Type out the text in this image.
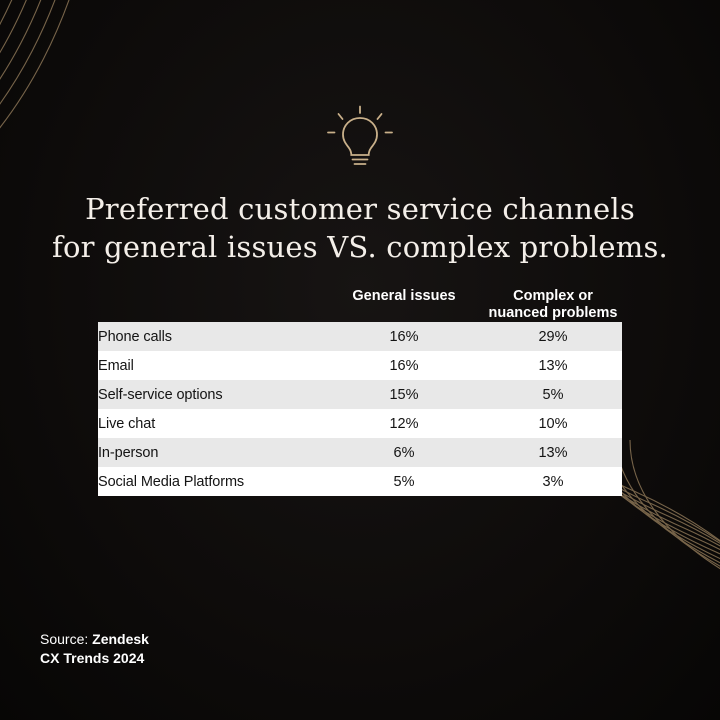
Preferred customer service channels
for general issues VS. complex problems.
	General issues	Complex or nuanced problems
Phone calls	16%	29%
Email	16%	13%
Self-service options	15%	5%
Live chat	12%	10%
In-person	6%	13%
Social Media Platforms	5%	3%
Source: Zendesk
CX Trends 2024
